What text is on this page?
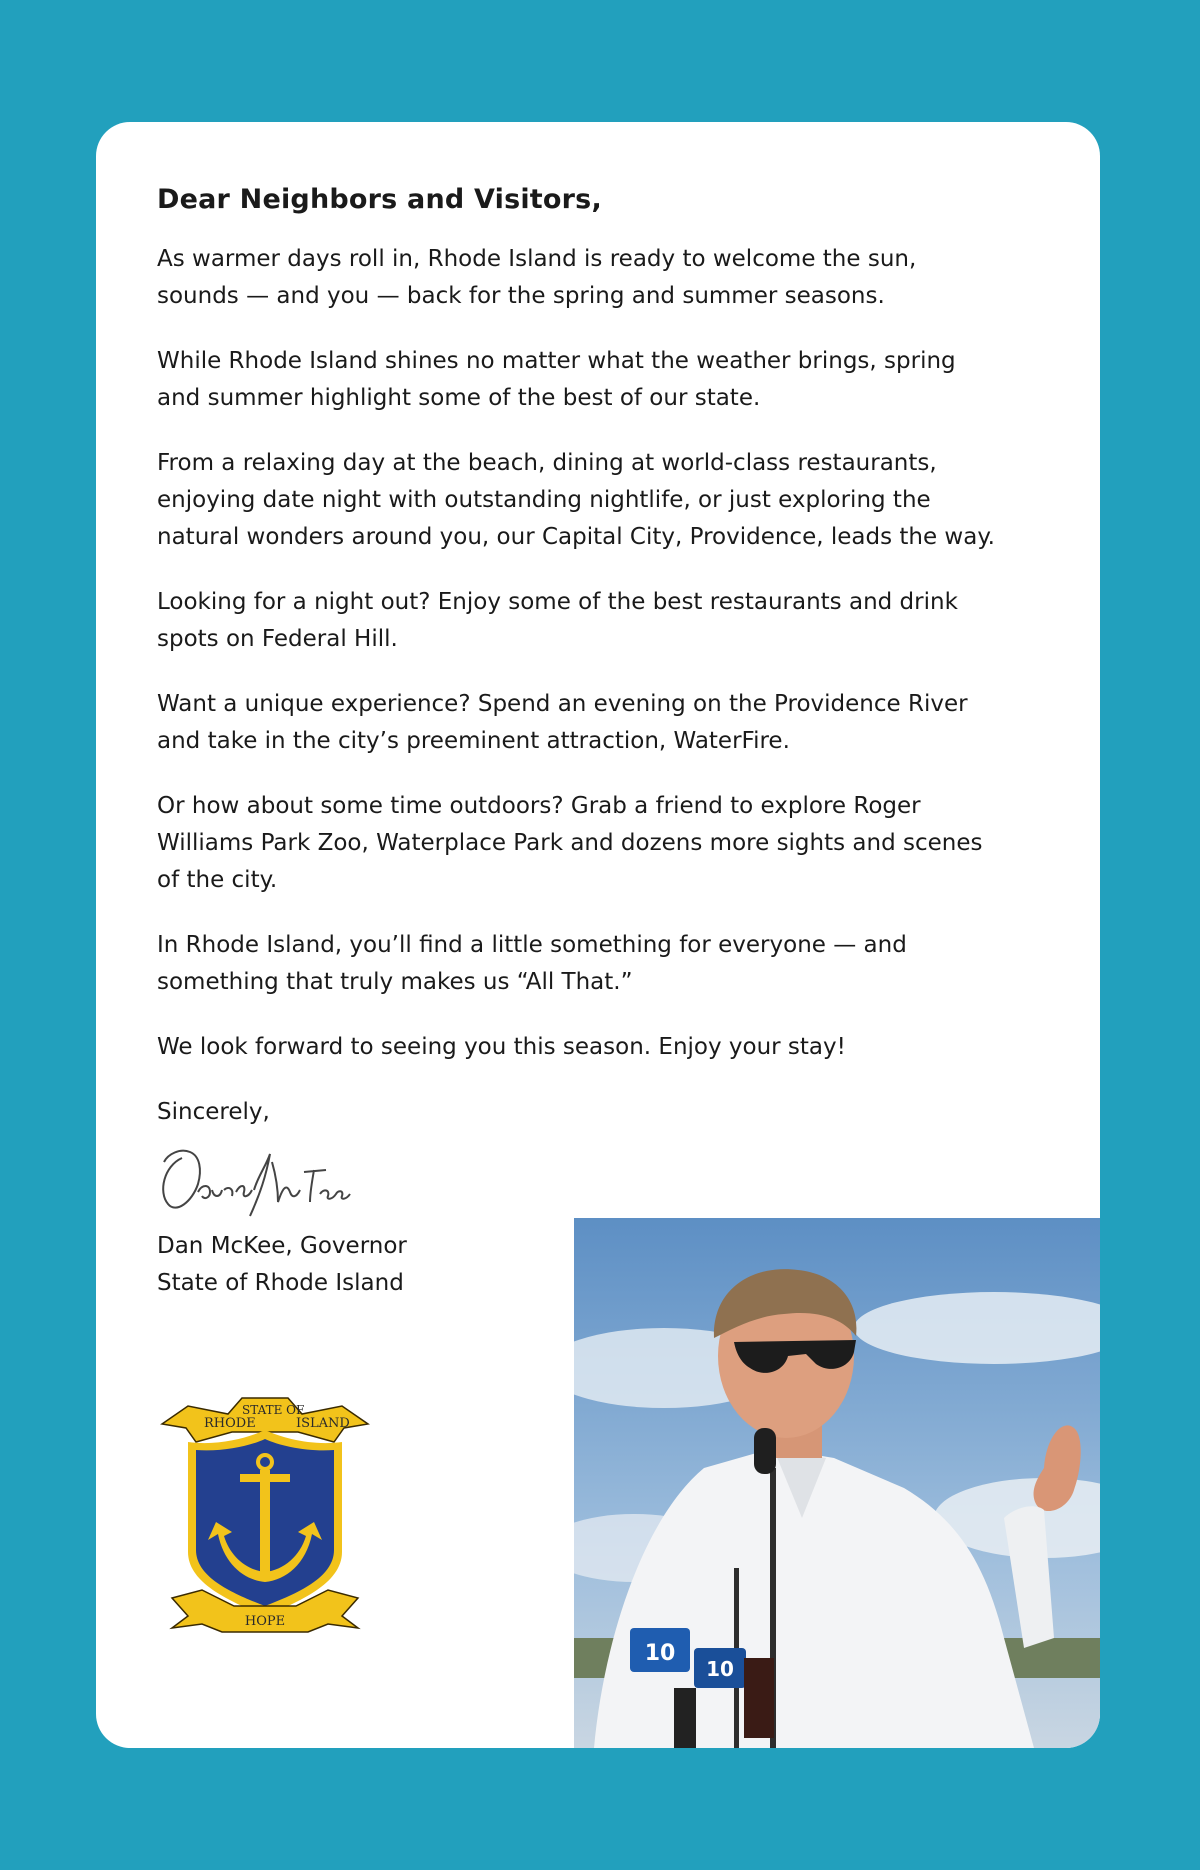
Dear Neighbors and Visitors,

As warmer days roll in, Rhode Island is ready to welcome the sun, sounds — and you — back for the spring and summer seasons.

While Rhode Island shines no matter what the weather brings, spring and summer highlight some of the best of our state.

From a relaxing day at the beach, dining at world-class restaurants, enjoying date night with outstanding nightlife, or just exploring the natural wonders around you, our Capital City, Providence, leads the way.

Looking for a night out? Enjoy some of the best restaurants and drink spots on Federal Hill.

Want a unique experience? Spend an evening on the Providence River and take in the city’s preeminent attraction, WaterFire.

Or how about some time outdoors? Grab a friend to explore Roger Williams Park Zoo, Waterplace Park and dozens more sights and scenes of the city.

In Rhode Island, you’ll find a little something for everyone — and something that truly makes us “All That.”

We look forward to seeing you this season. Enjoy your stay!

Sincerely,

Dan McKee, Governor
State of Rhode Island
RHODE
STATE OF
ISLAND
HOPE
10
10
